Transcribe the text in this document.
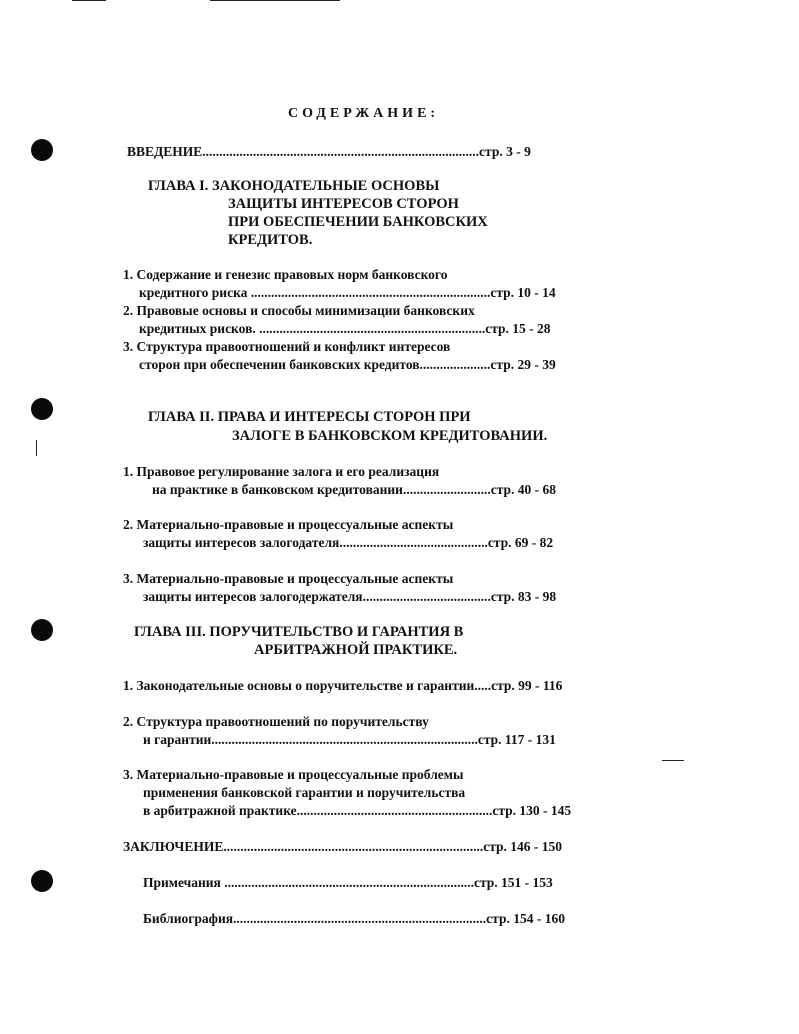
СОДЕРЖАНИЕ:
ВВЕДЕНИЕ..................................................................................стр. 3 - 9
ГЛАВА I. ЗАКОНОДАТЕЛЬНЫЕ ОСНОВЫ
ЗАЩИТЫ ИНТЕРЕСОВ СТОРОН
ПРИ ОБЕСПЕЧЕНИИ БАНКОВСКИХ
КРЕДИТОВ.
1. Содержание и генезис правовых норм банковского
кредитного риска .......................................................................стр. 10 - 14
2. Правовые основы и способы минимизации банковских
кредитных рисков. ...................................................................стр. 15 - 28
3. Структура правоотношений и конфликт интересов
сторон при обеспечении банковских кредитов.....................стр. 29 - 39
ГЛАВА II. ПРАВА И ИНТЕРЕСЫ СТОРОН ПРИ
ЗАЛОГЕ В БАНКОВСКОМ КРЕДИТОВАНИИ.
1. Правовое регулирование залога и его реализация
на практике в банковском кредитовании..........................стр. 40 - 68
2. Материально-правовые и процессуальные аспекты
защиты интересов залогодателя............................................стр. 69 - 82
3. Материально-правовые и процессуальные аспекты
защиты интересов залогодержателя......................................стр. 83 - 98
ГЛАВА III. ПОРУЧИТЕЛЬСТВО И ГАРАНТИЯ В
АРБИТРАЖНОЙ ПРАКТИКЕ.
1. Законодательные основы о поручительстве и гарантии.....стр. 99 - 116
2. Структура правоотношений по поручительству
и гарантии...............................................................................стр. 117 - 131
3. Материально-правовые и процессуальные проблемы
применения банковской гарантии и поручительства
в арбитражной практике..........................................................стр. 130 - 145
ЗАКЛЮЧЕНИЕ.............................................................................стр. 146 - 150
Примечания ..........................................................................стр. 151 - 153
Библиография...........................................................................стр. 154 - 160
